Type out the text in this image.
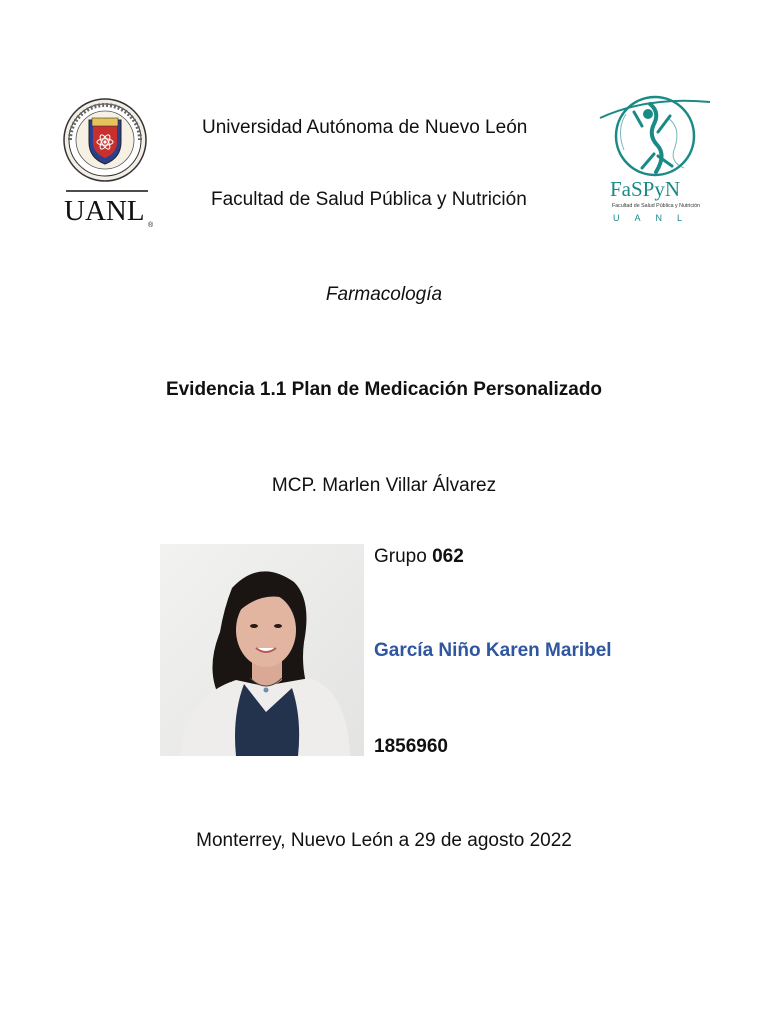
UANL ®
Universidad Autónoma de Nuevo León
Facultad de Salud Pública y Nutrición	FaSPyN
Facultad de Salud Pública y Nutrición
UANL
Farmacología
Evidencia 1.1 Plan de Medicación Personalizado
MCP. Marlen Villar Álvarez
Grupo 062
García Niño Karen Maribel
1856960
Monterrey, Nuevo León a 29 de agosto 2022
